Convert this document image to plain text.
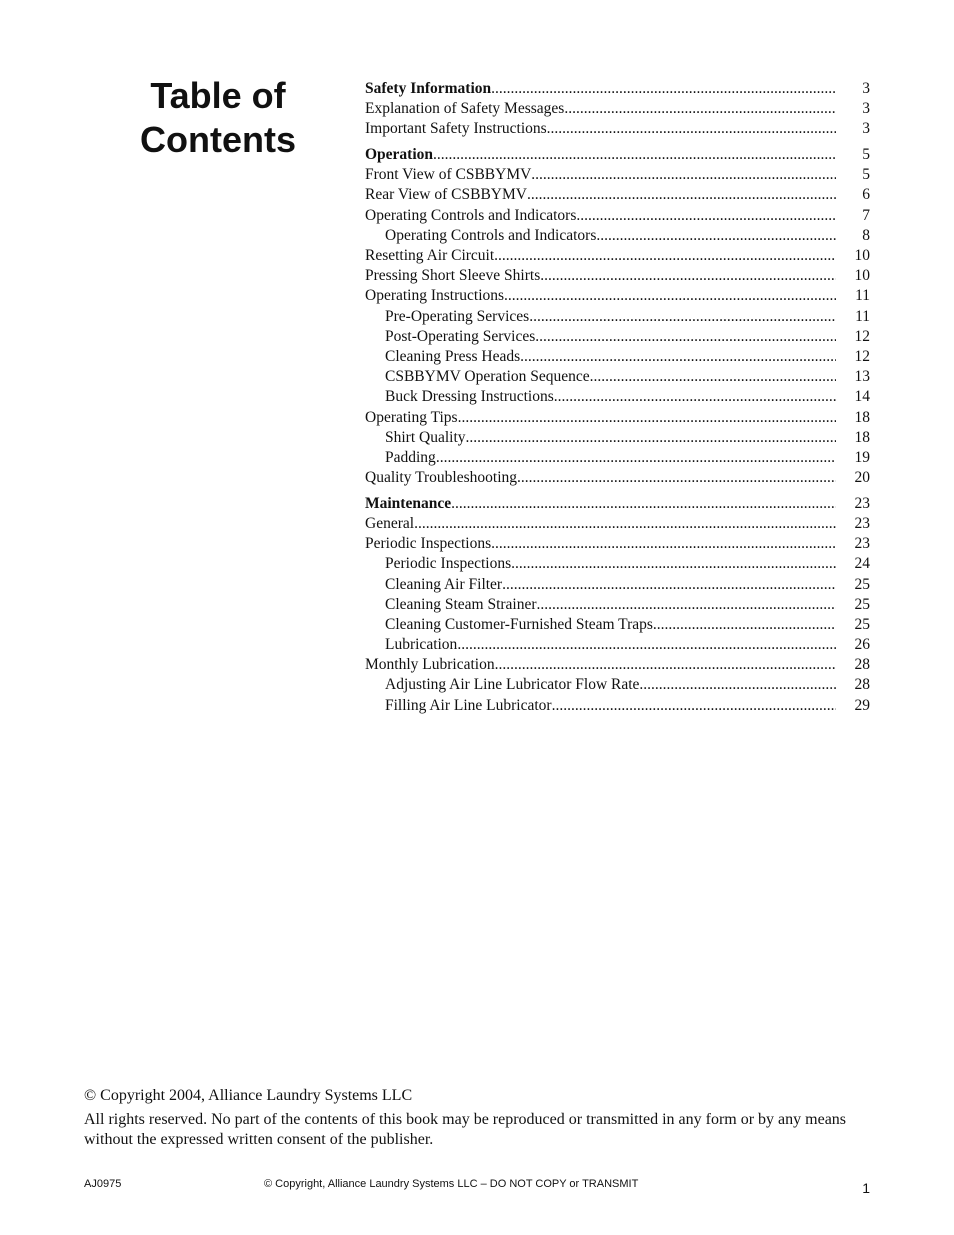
Table of
Contents
Safety Information .....	3
Explanation of Safety Messages .....	3
Important Safety Instructions .....	3
Operation .....	5
Front View of CSBBYMV .....	5
Rear View of CSBBYMV .....	6
Operating Controls and Indicators .....	7
Operating Controls and Indicators .....	8
Resetting Air Circuit .....	10
Pressing Short Sleeve Shirts .....	10
Operating Instructions .....	11
Pre-Operating Services .....	11
Post-Operating Services .....	12
Cleaning Press Heads .....	12
CSBBYMV Operation Sequence .....	13
Buck Dressing Instructions .....	14
Operating Tips .....	18
Shirt Quality .....	18
Padding .....	19
Quality Troubleshooting .....	20
Maintenance .....	23
General .....	23
Periodic Inspections .....	23
Periodic Inspections .....	24
Cleaning Air Filter .....	25
Cleaning Steam Strainer .....	25
Cleaning Customer-Furnished Steam Traps .....	25
Lubrication .....	26
Monthly Lubrication .....	28
Adjusting Air Line Lubricator Flow Rate .....	28
Filling Air Line Lubricator .....	29

© Copyright 2004, Alliance Laundry Systems LLC

All rights reserved. No part of the contents of this book may be reproduced or transmitted in any form or by any means without the expressed written consent of the publisher.

AJ0975	© Copyright, Alliance Laundry Systems LLC – DO NOT COPY or TRANSMIT	1
